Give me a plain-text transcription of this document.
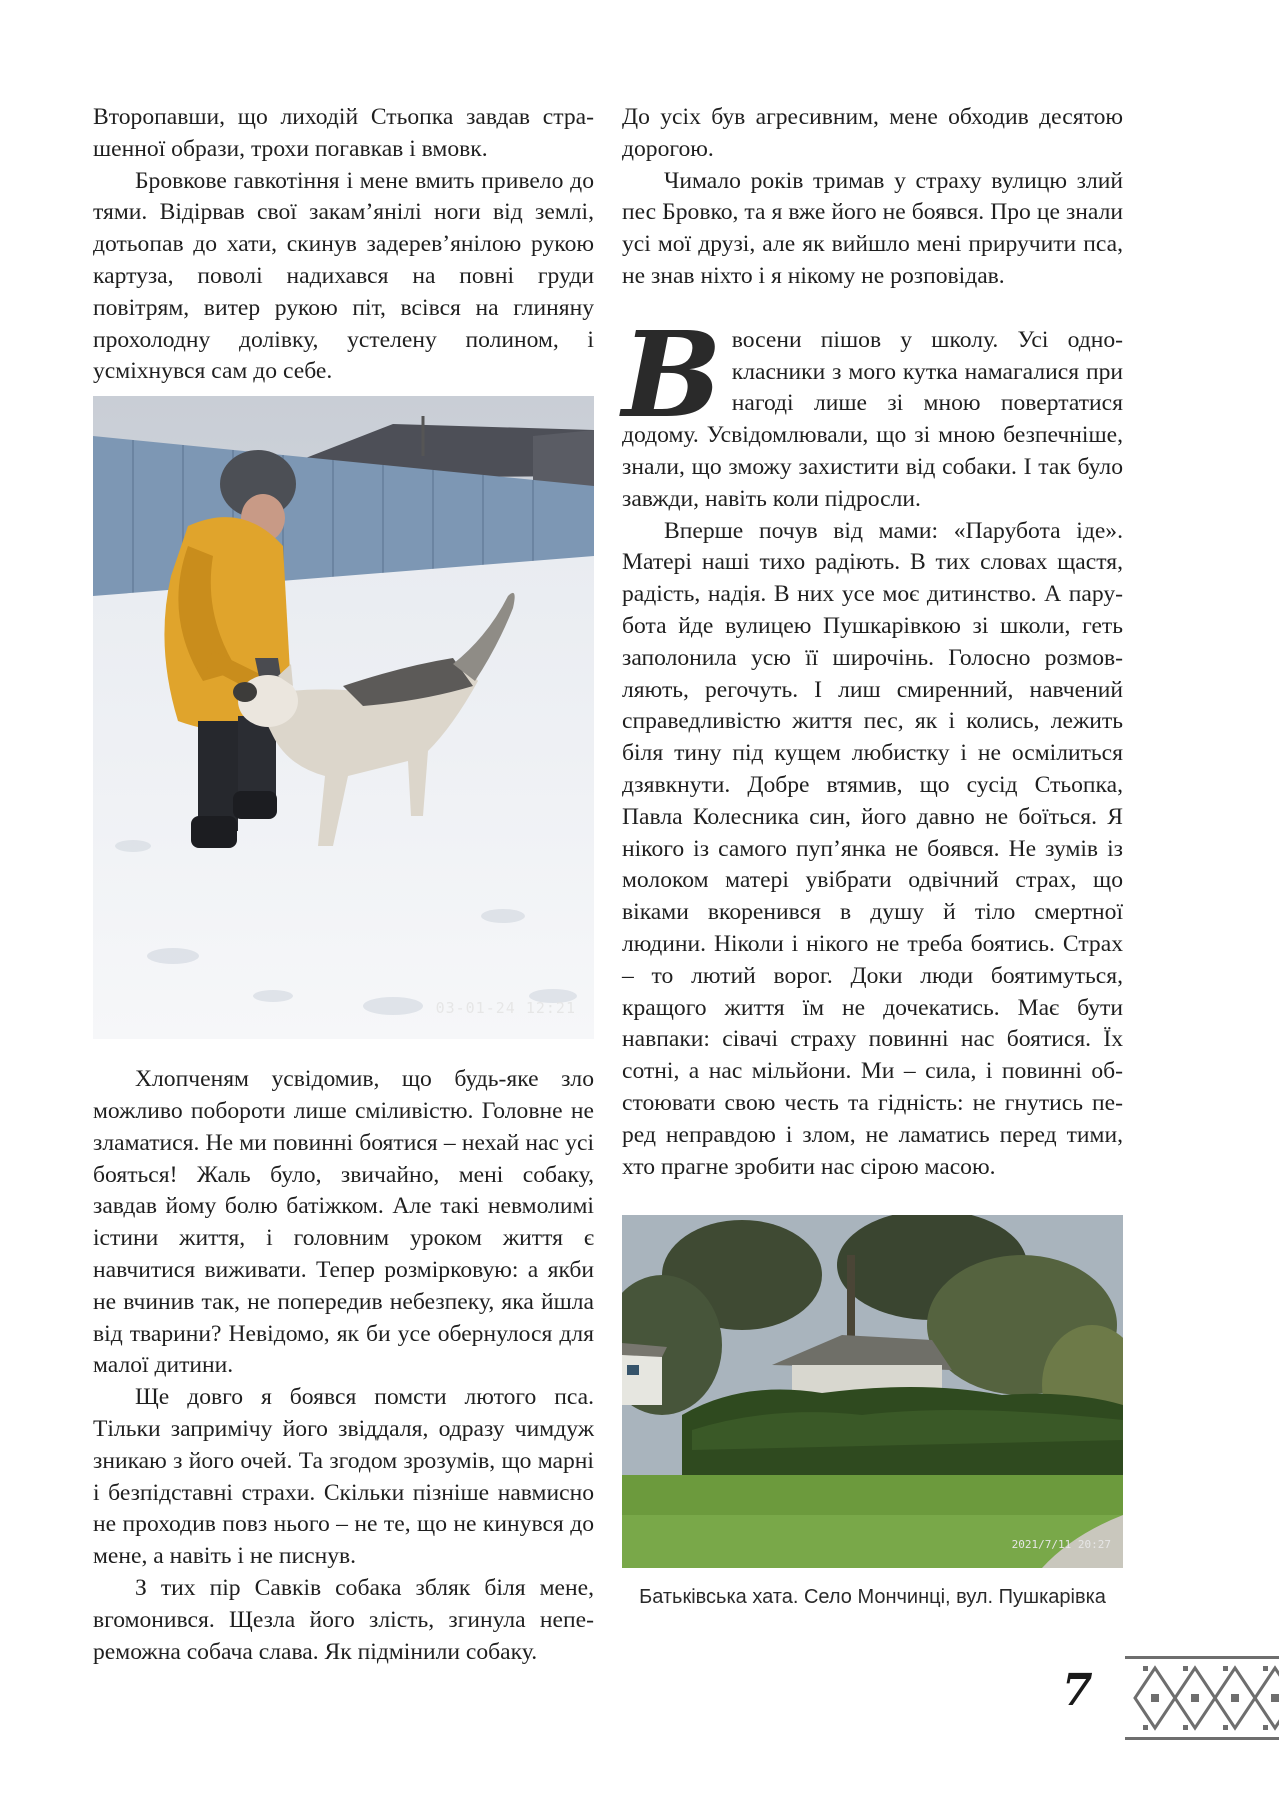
Второпавши, що лиходій Стьопка завдав страшенної образи, трохи погавкав і вмовк.

Бровкове гавкотіння і мене вмить привело до тями. Відірвав свої закам’янілі ноги від землі, дотьопав до хати, скинув задерев’янілою рукою картуза, поволі надихався на повні груди повітрям, витер рукою піт, всівся на глиняну прохолодну долівку, устелену полином, і усміхнувся сам до себе.

03-01-24 12:21

Хлопченям усвідомив, що будь-яке зло можливо побороти лише сміливістю. Головне не зламатися. Не ми повинні боятися – нехай нас усі бояться! Жаль було, звичайно, мені собаку, завдав йому болю батіжком. Але такі невмолимі істини життя, і головним уроком життя є навчитися виживати. Тепер розмірковую: а якби не вчинив так, не попередив небезпеку, яка йшла від тварини? Невідомо, як би усе обернулося для малої дитини.

Ще довго я боявся помсти лютого пса. Тільки запримічу його звіддаля, одразу чимдуж зникаю з його очей. Та згодом зрозумів, що марні і безпідставні страхи. Скільки пізніше навмисно не проходив повз нього – не те, що не кинувся до мене, а навіть і не писнув.

З тих пір Савків собака збляк біля мене, вгомонився. Щезла його злість, згинула непереможна собача слава. Як підмінили собаку.

До усіх був агресивним, мене обходив десятою дорогою.

Чимало років тримав у страху вулицю злий пес Бровко, та я вже його не боявся. Про це знали усі мої друзі, але як вийшло мені приручити пса, не знав ніхто і я нікому не розповідав.

Ввосени пішов у школу. Усі однокласники з мого кутка намагалися при нагоді лише зі мною повертатися додому. Усвідомлювали, що зі мною безпечніше, знали, що зможу захистити від собаки. І так було завжди, навіть коли підросли.

Вперше почув від мами: «Парубота іде». Матері наші тихо радіють. В тих словах щастя, радість, надія. В них усе моє дитинство. А парубота йде вулицею Пушкарівкою зі школи, геть заполонила усю її широчінь. Голосно розмовляють, регочуть. І лиш смиренний, навчений справедливістю життя пес, як і колись, лежить біля тину під кущем любистку і не осмілиться дзявкнути. Добре втямив, що сусід Стьопка, Павла Колесника син, його давно не боїться. Я нікого із самого пуп’янка не боявся. Не зумів із молоком матері увібрати одвічний страх, що віками вкоренився в душу й тіло смертної людини. Ніколи і нікого не треба боятись. Страх – то лютий ворог. Доки люди боятимуться, кращого життя їм не дочекатись. Має бути навпаки: сівачі страху повинні нас боятися. Їх сотні, а нас мільйони. Ми – сила, і повинні обстоювати свою честь та гідність: не гнутись перед неправдою і злом, не ламатись перед тими, хто прагне зробити нас сірою масою.

2021/7/11 20:27
Батьківська хата. Село Мончинці, вул. Пушкарівка
7
